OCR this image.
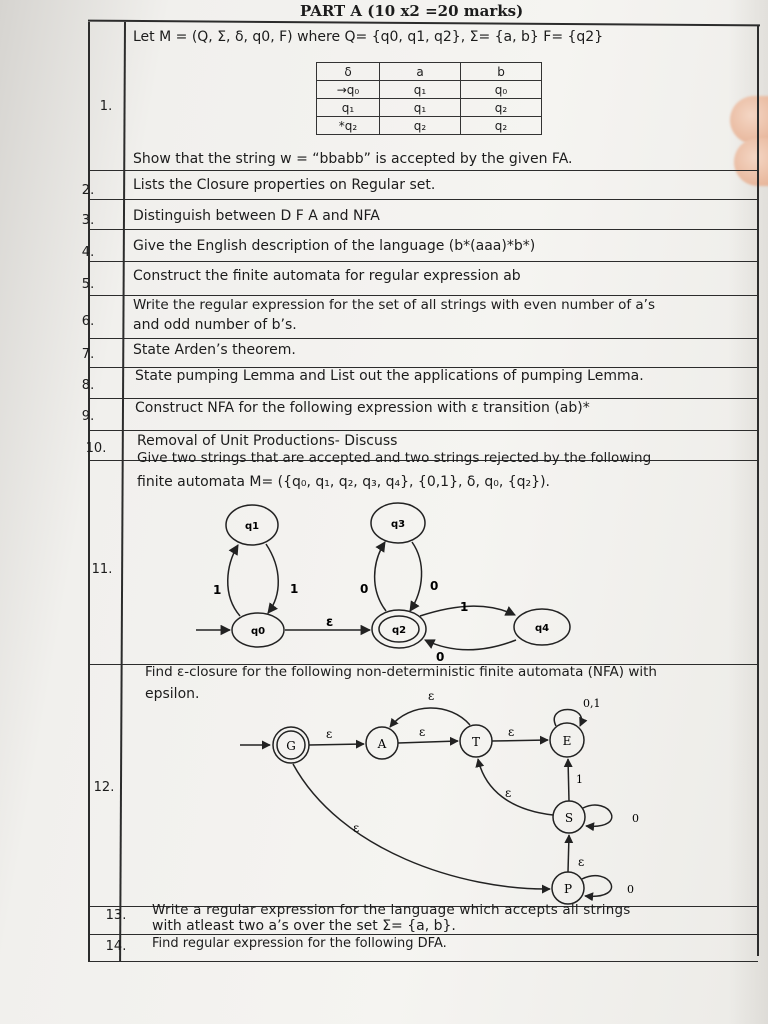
PART A (10 x2 =20 marks)
Let M = (Q, Σ, δ, q0, F) where Q= {q0, q1, q2}, Σ= {a, b} F= {q2}
1.
δ	a	b
→q₀	q₁	q₀
q₁	q₁	q₂
*q₂	q₂	q₂
Show that the string w = “bbabb” is accepted by the given FA.
2.	Lists the Closure properties on Regular set.
3.	Distinguish between D F A and NFA
4.	Give the English description of the language (b*(aaa)*b*)
5.
Construct the finite automata for regular expression ab
6.
Write the regular expression for the set of all strings with even number of a’s
and odd number of b’s.
7.	State Arden’s theorem.
8.
State pumping Lemma and List out the applications of pumping Lemma.
9.
Construct NFA for the following expression with ε transition (ab)*
10.	Removal of Unit Productions- Discuss
Give two strings that are accepted and two strings rejected by the following
finite automata M= ({q₀, q₁, q₂, q₃, q₄}, {0,1}, δ, q₀, {q₂}).
11.
q1
q0
q3
q2	q4
1	1
ε
0	0
1
0
Find ε-closure for the following non-deterministic finite automata (NFA) with
epsilon.
12.
G	A	T	E
S
P
ε	ε
ε
ε
0,1
1
ε
0
ε
ε
0
13.	Write a regular expression for the language which accepts all strings
with atleast two a’s over the set Σ= {a, b}.
14.	Find regular expression for the following DFA.
